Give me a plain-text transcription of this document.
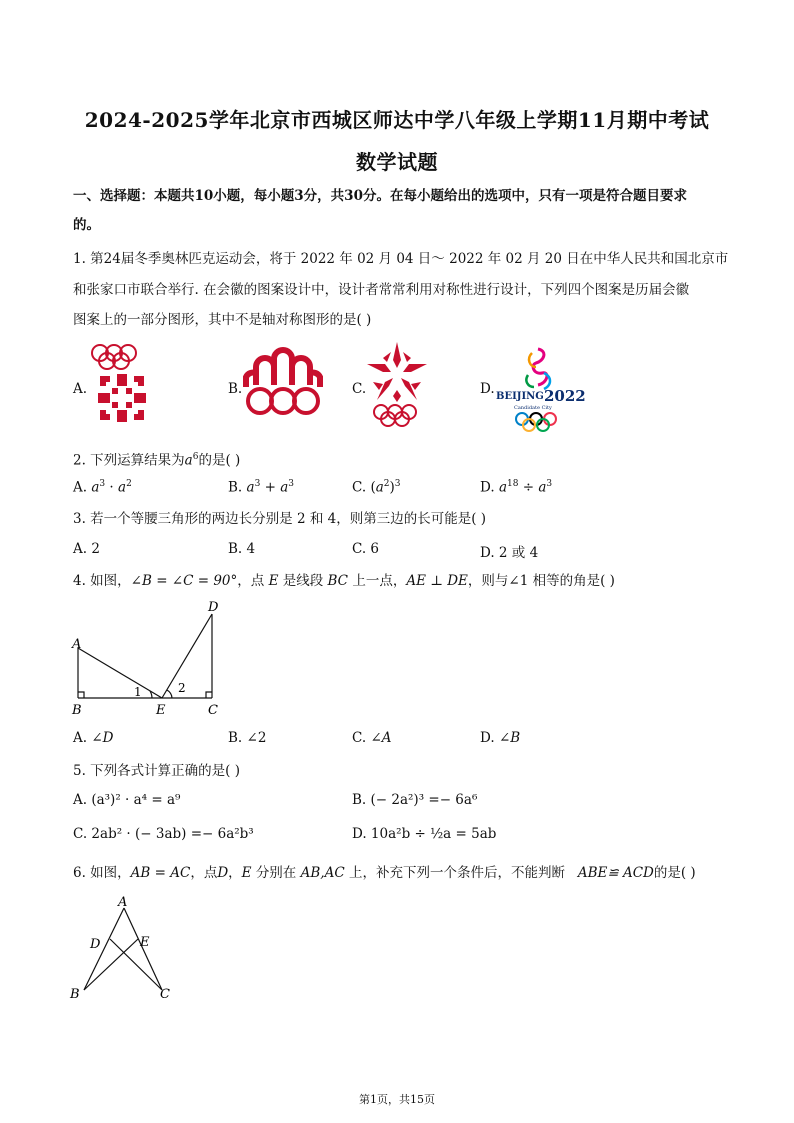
2024-2025学年北京市西城区师达中学八年级上学期11月期中考试
数学试题
一、选择题：本题共10小题，每小题3分，共30分。在每小题给出的选项中，只有一项是符合题目要求
的。
1. 第24届冬季奥林匹克运动会，将于 2022 年 02 月 04 日～ 2022 年 02 月 20 日在中华人民共和国北京市
和张家口市联合举行. 在会徽的图案设计中，设计者常常利用对称性进行设计，下列四个图案是历届会徽
图案上的一部分图形，其中不是轴对称图形的是( )
A.	B.	C.	D. BEIJING 2022
Candidate City
2. 下列运算结果为$a^6$的是( )
A. $a^3 \cdot a^2$	B. $a^3 + a^3$	C. $(a^2)^3$	D. $a^{18} \div a^3$
3. 若一个等腰三角形的两边长分别是 2 和 4，则第三边的长可能是( )
A. 2	B. 4	C. 6	D. 2 或 4
4. 如图，∠B = ∠C = 90°，点 E 是线段 BC 上一点，AE ⊥ DE，则与∠1 相等的角是( )
A
B	E	C
D
1	2
A. ∠D	B. ∠2	C. ∠A	D. ∠B
5. 下列各式计算正确的是( )
A. (a³)² · a⁴ = a⁹	B. (− 2a²)³ =− 6a⁶
C. 2ab² · (− 3ab) =− 6a²b³	D. 10a²b ÷ ½a = 5ab
6. 如图，AB = AC，点D，E 分别在 AB,AC 上，补充下列一个条件后，不能判断 ABE≌ ACD的是( )
A
D	E
B	C
第1页，共15页
